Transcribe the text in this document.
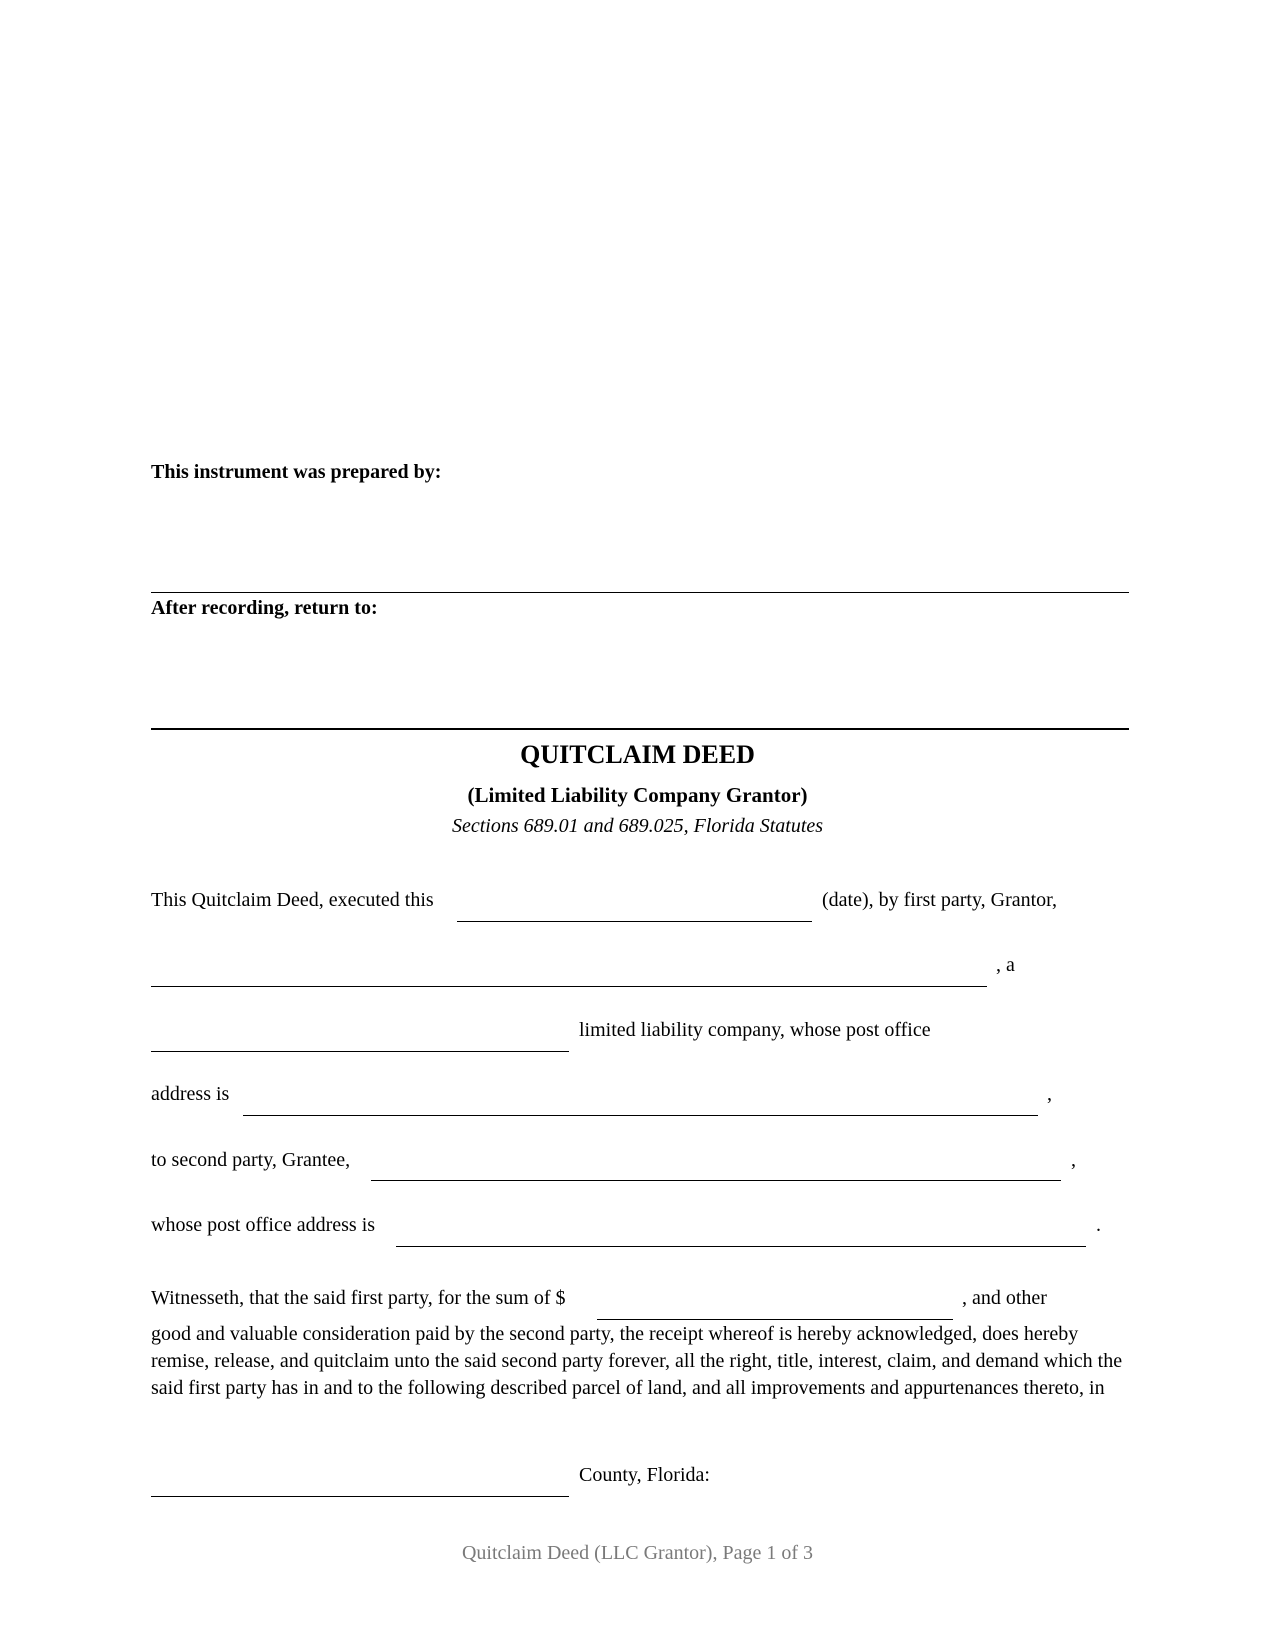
This instrument was prepared by:
After recording, return to:
QUITCLAIM DEED
(Limited Liability Company Grantor)
Sections 689.01 and 689.025, Florida Statutes
This Quitclaim Deed, executed this	(date), by first party, Grantor,
, a
limited liability company, whose post office
address is	,
to second party, Grantee,	,
whose post office address is	.
Witnesseth, that the said first party, for the sum of $	, and other
good and valuable consideration paid by the second party, the receipt whereof is hereby acknowledged, does hereby remise, release, and quitclaim unto the said second party forever, all the right, title, interest, claim, and demand which the said first party has in and to the following described parcel of land, and all improvements and appurtenances thereto, in
County, Florida:
Quitclaim Deed (LLC Grantor), Page 1 of 3
